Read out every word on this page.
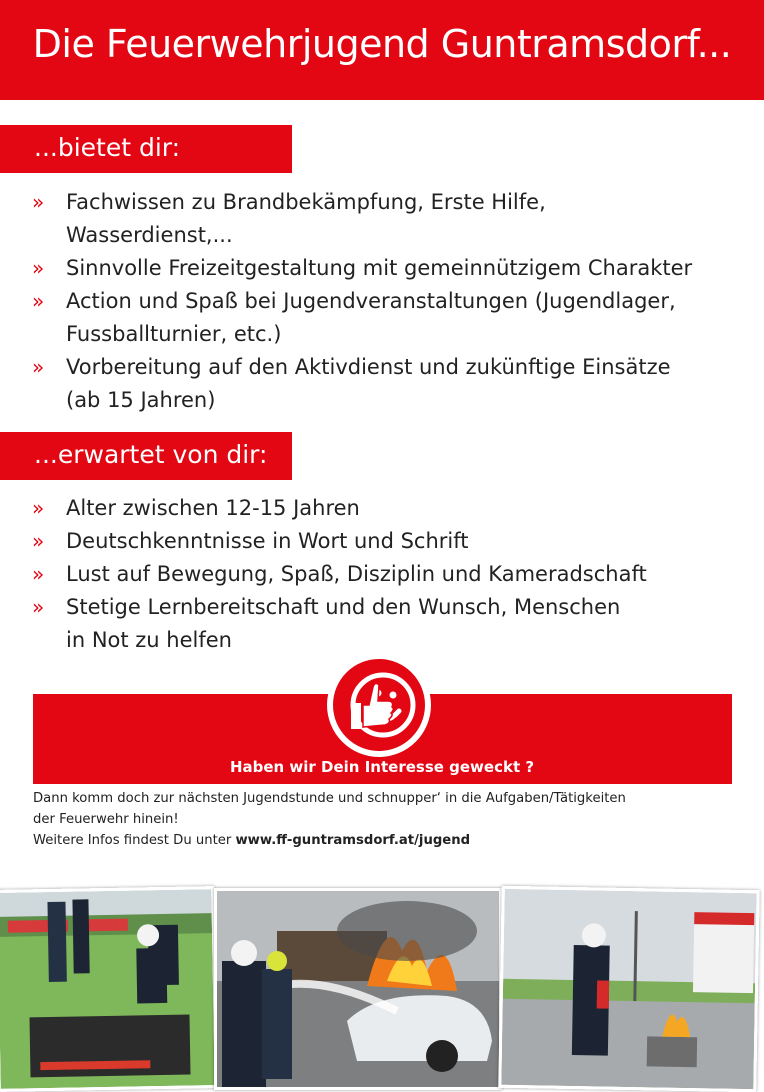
Die Feuerwehrjugend Guntramsdorf...
...bietet dir:
» Fachwissen zu Brandbekämpfung, Erste Hilfe,
Wasserdienst,...
» Sinnvolle Freizeitgestaltung mit gemeinnützigem Charakter
» Action und Spaß bei Jugendveranstaltungen (Jugendlager,
Fussballturnier, etc.)
» Vorbereitung auf den Aktivdienst und zukünftige Einsätze
(ab 15 Jahren)
...erwartet von dir:
» Alter zwischen 12-15 Jahren
» Deutschkenntnisse in Wort und Schrift
» Lust auf Bewegung, Spaß, Disziplin und Kameradschaft
» Stetige Lernbereitschaft und den Wunsch, Menschen
in Not zu helfen
Haben wir Dein Interesse geweckt ?
Dann komm doch zur nächsten Jugendstunde und schnupper‘ in die Aufgaben/Tätigkeiten
der Feuerwehr hinein!
Weitere Infos findest Du unter www.ff-guntramsdorf.at/jugend
